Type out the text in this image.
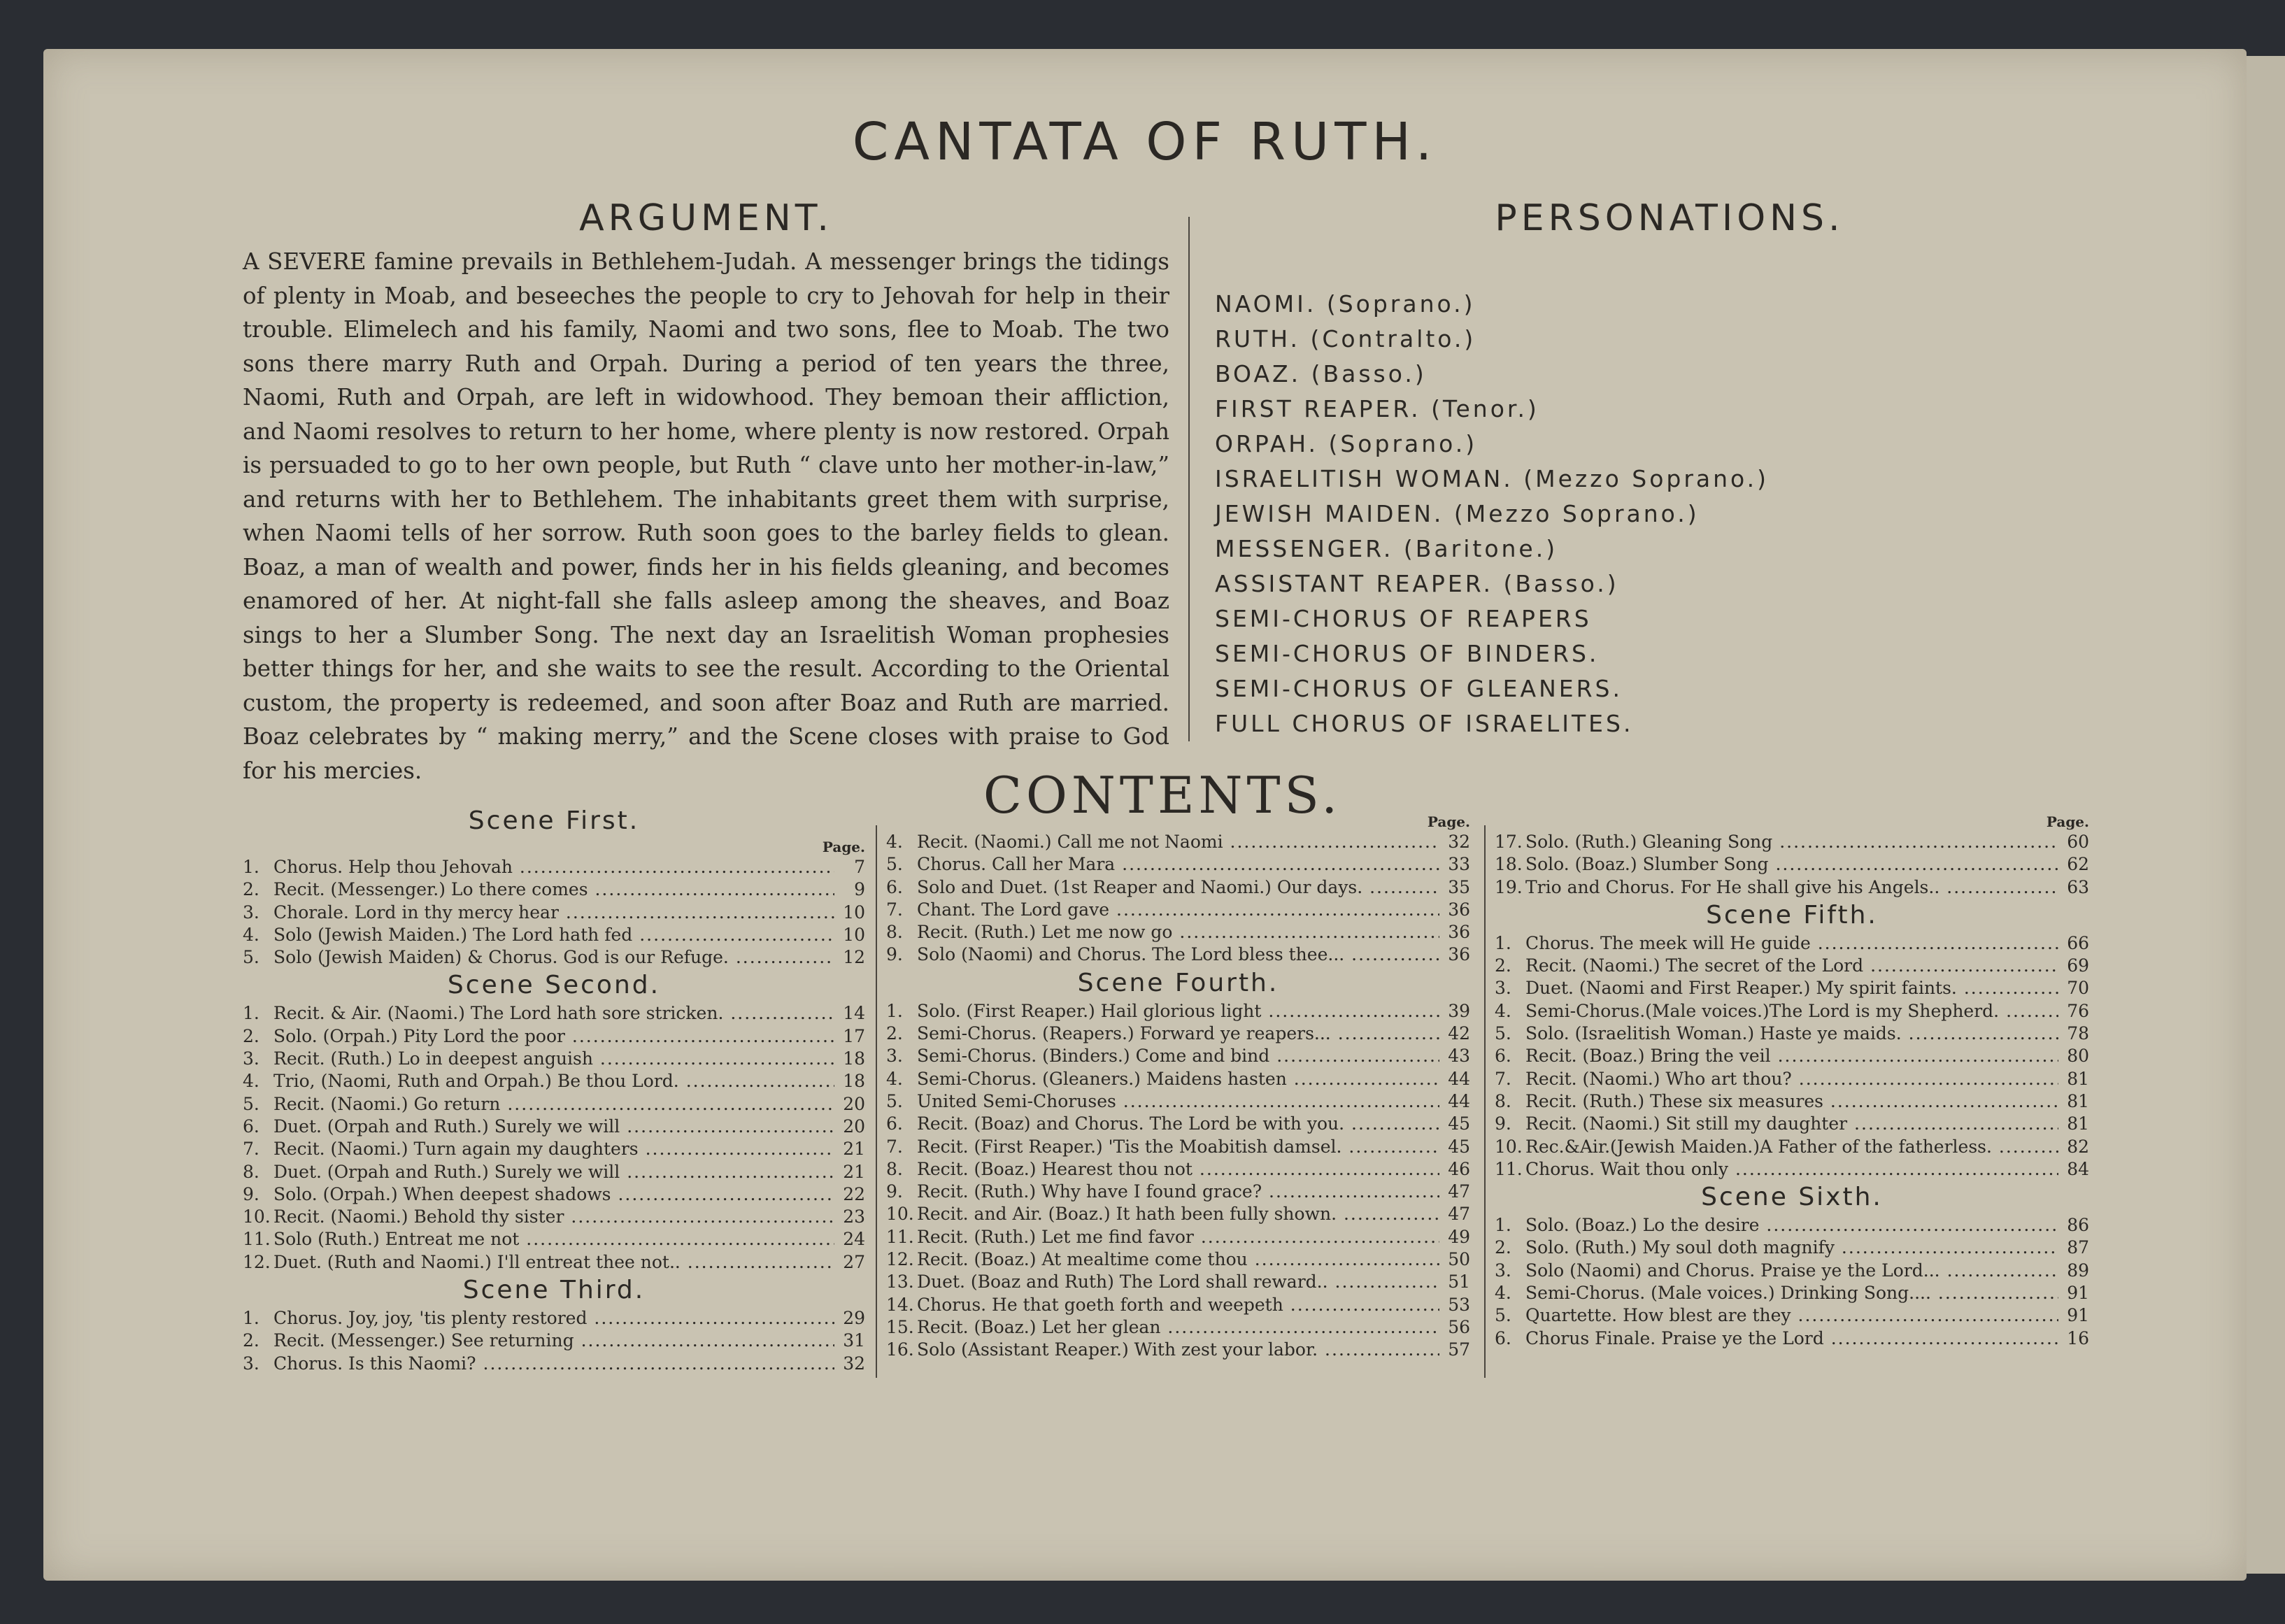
CANTATA OF RUTH.
ARGUMENT.

A SEVERE famine prevails in Bethlehem-Judah. A messenger brings the tidings of plenty in Moab, and beseeches the people to cry to Jehovah for help in their trouble. Elimelech and his family, Naomi and two sons, flee to Moab. The two sons there marry Ruth and Orpah. During a period of ten years the three, Naomi, Ruth and Orpah, are left in widowhood. They bemoan their affliction, and Naomi resolves to return to her home, where plenty is now restored. Orpah is persuaded to go to her own people, but Ruth “ clave unto her mother-in-law,” and returns with her to Bethlehem. The inhabitants greet them with surprise, when Naomi tells of her sorrow. Ruth soon goes to the barley fields to glean. Boaz, a man of wealth and power, finds her in his fields gleaning, and becomes enamored of her. At night-fall she falls asleep among the sheaves, and Boaz sings to her a Slumber Song. The next day an Israelitish Woman prophesies better things for her, and she waits to see the result. According to the Oriental custom, the property is redeemed, and soon after Boaz and Ruth are married. Boaz celebrates by “ making merry,” and the Scene closes with praise to God for his mercies.

PERSONATIONS.
NAOMI. (Soprano.)
RUTH. (Contralto.)
BOAZ. (Basso.)
FIRST REAPER. (Tenor.)
ORPAH. (Soprano.)
ISRAELITISH WOMAN. (Mezzo Soprano.)
JEWISH MAIDEN. (Mezzo Soprano.)
MESSENGER. (Baritone.)
ASSISTANT REAPER. (Basso.)
SEMI-CHORUS OF REAPERS
SEMI-CHORUS OF BINDERS.
SEMI-CHORUS OF GLEANERS.
FULL CHORUS OF ISRAELITES.
CONTENTS.
Scene First.
Page.
1. Chorus. Help thou Jehovah .....	7
2. Recit. (Messenger.) Lo there comes .....	9
3. Chorale. Lord in thy mercy hear .....	10
4. Solo (Jewish Maiden.) The Lord hath fed .....	10
5. Solo (Jewish Maiden) & Chorus. God is our Refuge. .....	12
Scene Second.
1. Recit. & Air. (Naomi.) The Lord hath sore stricken. .....	14
2. Solo. (Orpah.) Pity Lord the poor .....	17
3. Recit. (Ruth.) Lo in deepest anguish .....	18
4. Trio, (Naomi, Ruth and Orpah.) Be thou Lord. .....	18
5. Recit. (Naomi.) Go return .....	20
6. Duet. (Orpah and Ruth.) Surely we will .....	20
7. Recit. (Naomi.) Turn again my daughters .....	21
8. Duet. (Orpah and Ruth.) Surely we will .....	21
9. Solo. (Orpah.) When deepest shadows .....	22
10. Recit. (Naomi.) Behold thy sister .....	23
11. Solo (Ruth.) Entreat me not .....	24
12. Duet. (Ruth and Naomi.) I'll entreat thee not.. .....	27
Scene Third.
1. Chorus. Joy, joy, 'tis plenty restored .....	29
2. Recit. (Messenger.) See returning .....	31
3. Chorus. Is this Naomi? .....	32
Page.
4. Recit. (Naomi.) Call me not Naomi .....	32
5. Chorus. Call her Mara .....	33
6. Solo and Duet. (1st Reaper and Naomi.) Our days. .....	35
7. Chant. The Lord gave .....	36
8. Recit. (Ruth.) Let me now go .....	36
9. Solo (Naomi) and Chorus. The Lord bless thee... .....	36
Scene Fourth.
1. Solo. (First Reaper.) Hail glorious light .....	39
2. Semi-Chorus. (Reapers.) Forward ye reapers... .....	42
3. Semi-Chorus. (Binders.) Come and bind .....	43
4. Semi-Chorus. (Gleaners.) Maidens hasten .....	44
5. United Semi-Choruses .....	44
6. Recit. (Boaz) and Chorus. The Lord be with you. .....	45
7. Recit. (First Reaper.) 'Tis the Moabitish damsel. .....	45
8. Recit. (Boaz.) Hearest thou not .....	46
9. Recit. (Ruth.) Why have I found grace? .....	47
10. Recit. and Air. (Boaz.) It hath been fully shown. .....	47
11. Recit. (Ruth.) Let me find favor .....	49
12. Recit. (Boaz.) At mealtime come thou .....	50
13. Duet. (Boaz and Ruth) The Lord shall reward.. .....	51
14. Chorus. He that goeth forth and weepeth .....	53
15. Recit. (Boaz.) Let her glean .....	56
16. Solo (Assistant Reaper.) With zest your labor. .....	57
Page.
17. Solo. (Ruth.) Gleaning Song .....	60
18. Solo. (Boaz.) Slumber Song .....	62
19. Trio and Chorus. For He shall give his Angels.. .....	63
Scene Fifth.
1. Chorus. The meek will He guide .....	66
2. Recit. (Naomi.) The secret of the Lord .....	69
3. Duet. (Naomi and First Reaper.) My spirit faints. .....	70
4. Semi-Chorus.(Male voices.)The Lord is my Shepherd. .....	76
5. Solo. (Israelitish Woman.) Haste ye maids. .....	78
6. Recit. (Boaz.) Bring the veil .....	80
7. Recit. (Naomi.) Who art thou? .....	81
8. Recit. (Ruth.) These six measures .....	81
9. Recit. (Naomi.) Sit still my daughter .....	81
10. Rec.&Air.(Jewish Maiden.)A Father of the fatherless. .....	82
11. Chorus. Wait thou only .....	84
Scene Sixth.
1. Solo. (Boaz.) Lo the desire .....	86
2. Solo. (Ruth.) My soul doth magnify .....	87
3. Solo (Naomi) and Chorus. Praise ye the Lord... .....	89
4. Semi-Chorus. (Male voices.) Drinking Song.... .....	91
5. Quartette. How blest are they .....	91
6. Chorus Finale. Praise ye the Lord .....	16
